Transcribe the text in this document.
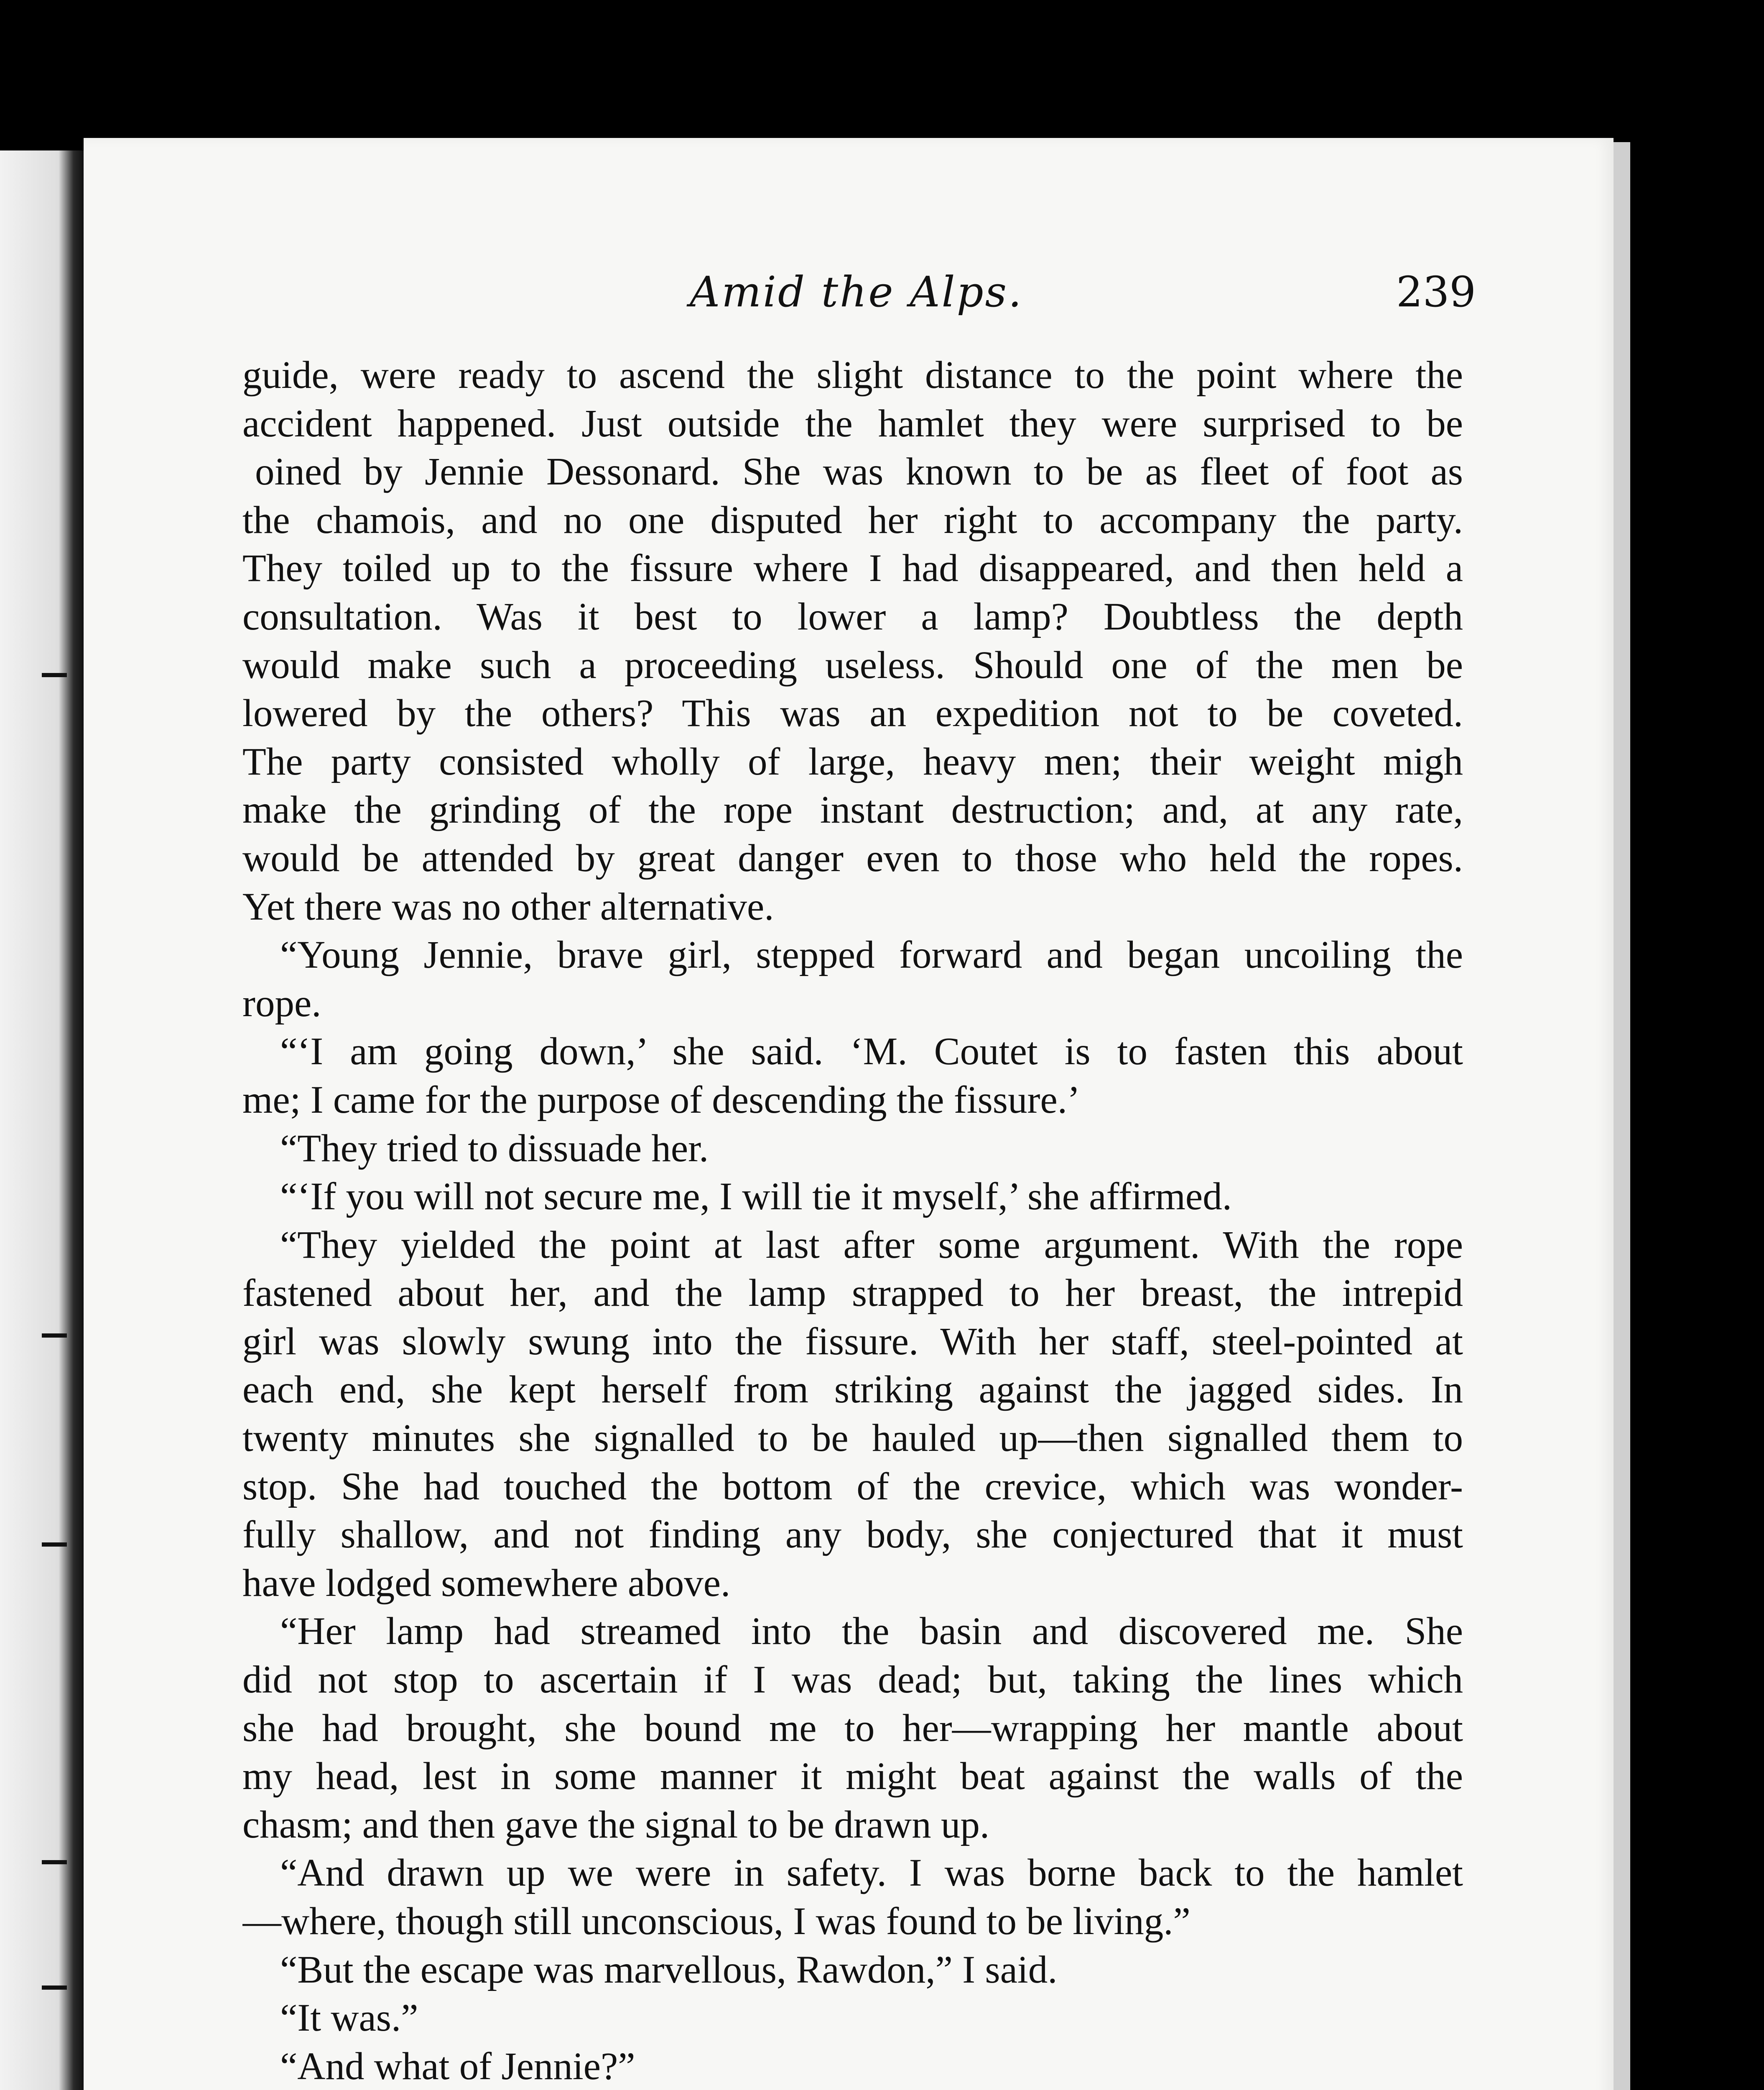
Amid the Alps.	239
guide, were ready to ascend the slight distance to the point where the
accident happened. Just outside the hamlet they were surprised to be
oined by Jennie Dessonard. She was known to be as fleet of foot as
the chamois, and no one disputed her right to accompany the party.
They toiled up to the fissure where I had disappeared, and then held a
consultation. Was it best to lower a lamp? Doubtless the depth
would make such a proceeding useless. Should one of the men be
lowered by the others? This was an expedition not to be coveted.
The party consisted wholly of large, heavy men; their weight migh
make the grinding of the rope instant destruction; and, at any rate,
would be attended by great danger even to those who held the ropes.
Yet there was no other alternative.
“Young Jennie, brave girl, stepped forward and began uncoiling the
rope.
“‘I am going down,’ she said. ‘M. Coutet is to fasten this about
me; I came for the purpose of descending the fissure.’
“They tried to dissuade her.
“‘If you will not secure me, I will tie it myself,’ she affirmed.
“They yielded the point at last after some argument. With the rope
fastened about her, and the lamp strapped to her breast, the intrepid
girl was slowly swung into the fissure. With her staff, steel-pointed at
each end, she kept herself from striking against the jagged sides. In
twenty minutes she signalled to be hauled up—then signalled them to
stop. She had touched the bottom of the crevice, which was wonder-
fully shallow, and not finding any body, she conjectured that it must
have lodged somewhere above.
“Her lamp had streamed into the basin and discovered me. She
did not stop to ascertain if I was dead; but, taking the lines which
she had brought, she bound me to her—wrapping her mantle about
my head, lest in some manner it might beat against the walls of the
chasm; and then gave the signal to be drawn up.
“And drawn up we were in safety. I was borne back to the hamlet
—where, though still unconscious, I was found to be living.”
“But the escape was marvellous, Rawdon,” I said.
“It was.”
“And what of Jennie?”
